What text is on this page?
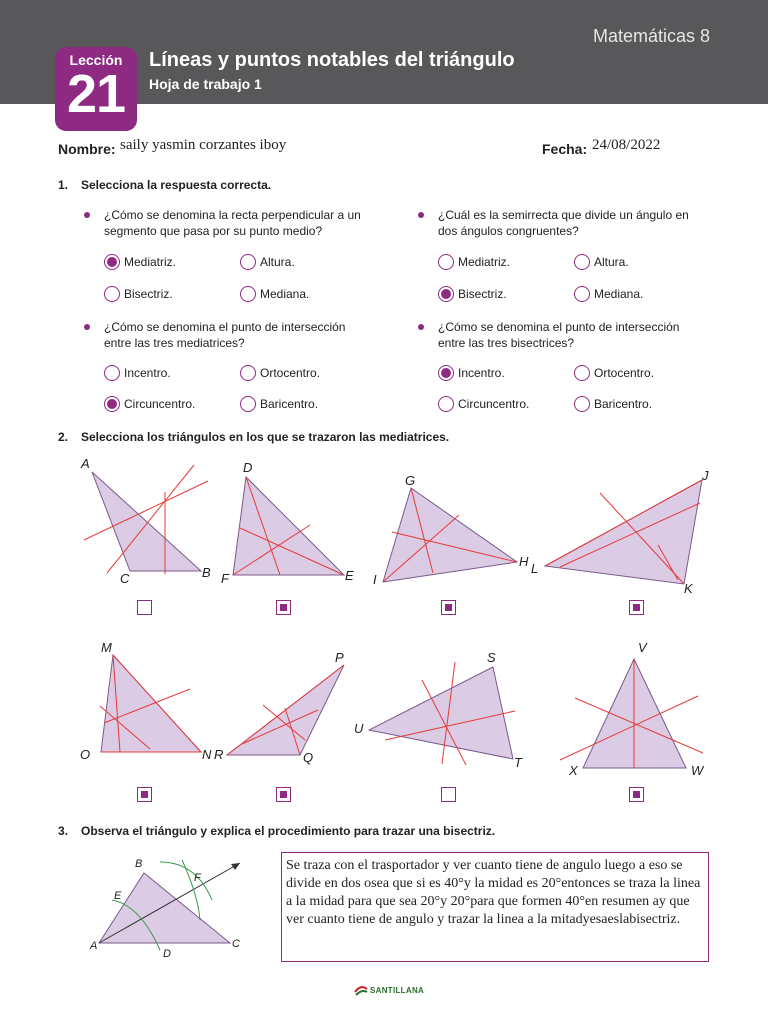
Matemáticas 8
Lección
21
Líneas y puntos notables del triángulo
Hoja de trabajo 1
Nombre: saily yasmin corzantes iboy	Fecha: 24/08/2022
1. Selecciona la respuesta correcta.
¿Cómo se denomina la recta perpendicular a un segmento que pasa por su punto medio?
Mediatriz.	Altura.
Bisectriz.	Mediana.
¿Cuál es la semirrecta que divide un ángulo en dos ángulos congruentes?
Mediatriz.	Altura.
Bisectriz.	Mediana.
¿Cómo se denomina el punto de intersección entre las tres mediatrices?
Incentro.	Ortocentro.
Circuncentro.	Baricentro.
¿Cómo se denomina el punto de intersección entre las tres bisectrices?
Incentro.	Ortocentro.
Circuncentro.	Baricentro.
2. Selecciona los triángulos en los que se trazaron las mediatrices.
A
B
C
D
E
F
G
H
I
J
K
L
M
N
O
P
Q
R
S
T
U
V
W
X
B
F
E
A
D
C
3. Observa el triángulo y explica el procedimiento para trazar una bisectriz.
Se traza con el trasportador y ver cuanto tiene de angulo luego a eso se divide en dos osea que si es 40°y la midad es 20°entonces se traza la linea a la midad para que sea 20°y 20°para que formen 40°en resumen ay que ver cuanto tiene de angulo y trazar la linea a la mitadyesaeslabisectriz.
SANTILLANA
